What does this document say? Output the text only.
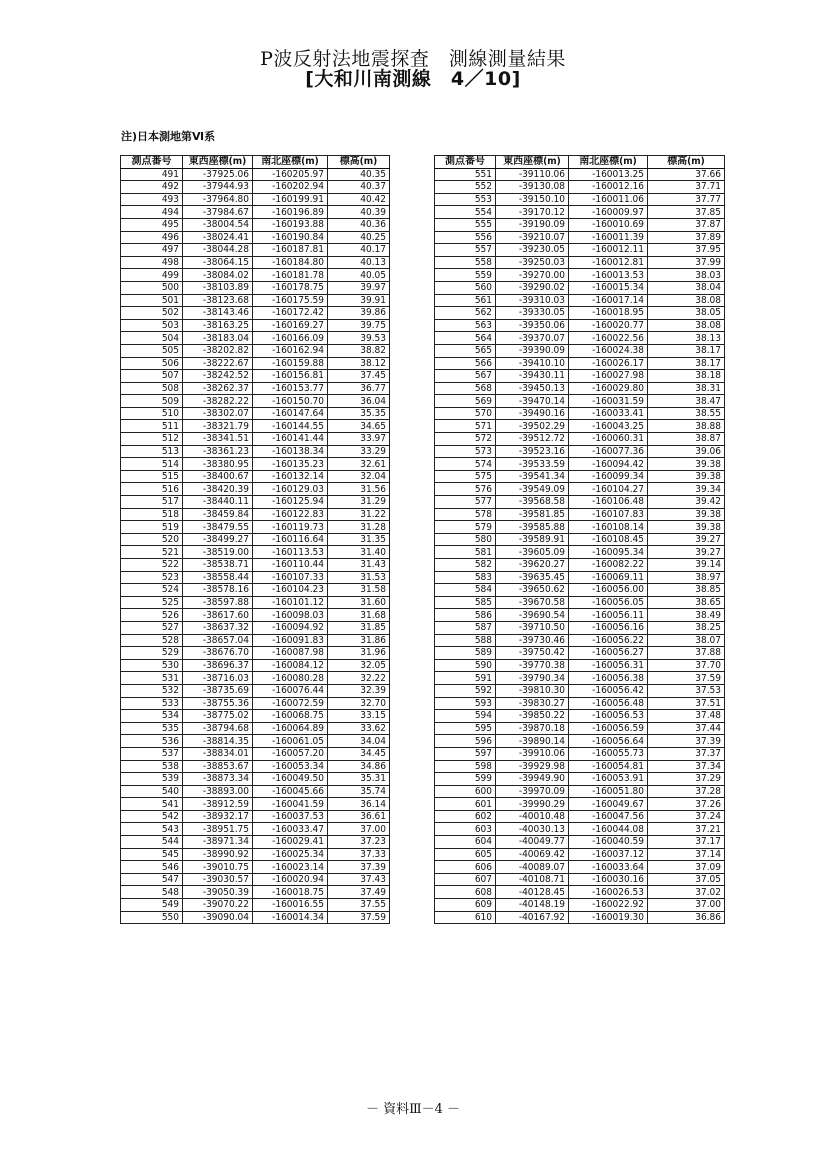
P波反射法地震探査　測線測量結果
[大和川南測線　4／10]
注)日本測地第Ⅵ系
測点番号	東西座標(m)	南北座標(m)	標高(m)
491	-37925.06	-160205.97	40.35
492	-37944.93	-160202.94	40.37
493	-37964.80	-160199.91	40.42
494	-37984.67	-160196.89	40.39
495	-38004.54	-160193.88	40.36
496	-38024.41	-160190.84	40.25
497	-38044.28	-160187.81	40.17
498	-38064.15	-160184.80	40.13
499	-38084.02	-160181.78	40.05
500	-38103.89	-160178.75	39.97
501	-38123.68	-160175.59	39.91
502	-38143.46	-160172.42	39.86
503	-38163.25	-160169.27	39.75
504	-38183.04	-160166.09	39.53
505	-38202.82	-160162.94	38.82
506	-38222.67	-160159.88	38.12
507	-38242.52	-160156.81	37.45
508	-38262.37	-160153.77	36.77
509	-38282.22	-160150.70	36.04
510	-38302.07	-160147.64	35.35
511	-38321.79	-160144.55	34.65
512	-38341.51	-160141.44	33.97
513	-38361.23	-160138.34	33.29
514	-38380.95	-160135.23	32.61
515	-38400.67	-160132.14	32.04
516	-38420.39	-160129.03	31.56
517	-38440.11	-160125.94	31.29
518	-38459.84	-160122.83	31.22
519	-38479.55	-160119.73	31.28
520	-38499.27	-160116.64	31.35
521	-38519.00	-160113.53	31.40
522	-38538.71	-160110.44	31.43
523	-38558.44	-160107.33	31.53
524	-38578.16	-160104.23	31.58
525	-38597.88	-160101.12	31.60
526	-38617.60	-160098.03	31.68
527	-38637.32	-160094.92	31.85
528	-38657.04	-160091.83	31.86
529	-38676.70	-160087.98	31.96
530	-38696.37	-160084.12	32.05
531	-38716.03	-160080.28	32.22
532	-38735.69	-160076.44	32.39
533	-38755.36	-160072.59	32.70
534	-38775.02	-160068.75	33.15
535	-38794.68	-160064.89	33.62
536	-38814.35	-160061.05	34.04
537	-38834.01	-160057.20	34.45
538	-38853.67	-160053.34	34.86
539	-38873.34	-160049.50	35.31
540	-38893.00	-160045.66	35.74
541	-38912.59	-160041.59	36.14
542	-38932.17	-160037.53	36.61
543	-38951.75	-160033.47	37.00
544	-38971.34	-160029.41	37.23
545	-38990.92	-160025.34	37.33
546	-39010.75	-160023.14	37.39
547	-39030.57	-160020.94	37.43
548	-39050.39	-160018.75	37.49
549	-39070.22	-160016.55	37.55
550	-39090.04	-160014.34	37.59
測点番号	東西座標(m)	南北座標(m)	標高(m)
551	-39110.06	-160013.25	37.66
552	-39130.08	-160012.16	37.71
553	-39150.10	-160011.06	37.77
554	-39170.12	-160009.97	37.85
555	-39190.09	-160010.69	37.87
556	-39210.07	-160011.39	37.89
557	-39230.05	-160012.11	37.95
558	-39250.03	-160012.81	37.99
559	-39270.00	-160013.53	38.03
560	-39290.02	-160015.34	38.04
561	-39310.03	-160017.14	38.08
562	-39330.05	-160018.95	38.05
563	-39350.06	-160020.77	38.08
564	-39370.07	-160022.56	38.13
565	-39390.09	-160024.38	38.17
566	-39410.10	-160026.17	38.17
567	-39430.11	-160027.98	38.18
568	-39450.13	-160029.80	38.31
569	-39470.14	-160031.59	38.47
570	-39490.16	-160033.41	38.55
571	-39502.29	-160043.25	38.88
572	-39512.72	-160060.31	38.87
573	-39523.16	-160077.36	39.06
574	-39533.59	-160094.42	39.38
575	-39541.34	-160099.34	39.38
576	-39549.09	-160104.27	39.34
577	-39568.58	-160106.48	39.42
578	-39581.85	-160107.83	39.38
579	-39585.88	-160108.14	39.38
580	-39589.91	-160108.45	39.27
581	-39605.09	-160095.34	39.27
582	-39620.27	-160082.22	39.14
583	-39635.45	-160069.11	38.97
584	-39650.62	-160056.00	38.85
585	-39670.58	-160056.05	38.65
586	-39690.54	-160056.11	38.49
587	-39710.50	-160056.16	38.25
588	-39730.46	-160056.22	38.07
589	-39750.42	-160056.27	37.88
590	-39770.38	-160056.31	37.70
591	-39790.34	-160056.38	37.59
592	-39810.30	-160056.42	37.53
593	-39830.27	-160056.48	37.51
594	-39850.22	-160056.53	37.48
595	-39870.18	-160056.59	37.44
596	-39890.14	-160056.64	37.39
597	-39910.06	-160055.73	37.37
598	-39929.98	-160054.81	37.34
599	-39949.90	-160053.91	37.29
600	-39970.09	-160051.80	37.28
601	-39990.29	-160049.67	37.26
602	-40010.48	-160047.56	37.24
603	-40030.13	-160044.08	37.21
604	-40049.77	-160040.59	37.17
605	-40069.42	-160037.12	37.14
606	-40089.07	-160033.64	37.09
607	-40108.71	-160030.16	37.05
608	-40128.45	-160026.53	37.02
609	-40148.19	-160022.92	37.00
610	-40167.92	-160019.30	36.86
－ 資料Ⅲ－4 －
